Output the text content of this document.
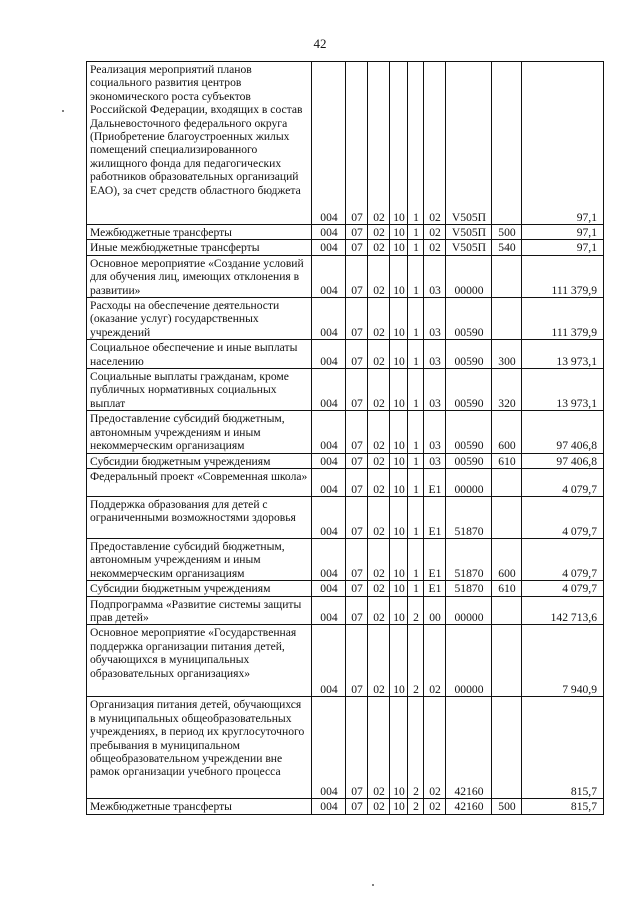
42
Реализация мероприятий планов социального развития центров экономического роста субъектов Российской Федерации, входящих в состав Дальневосточного федерального округа (Приобретение благоустроенных жилых помещений специализированного жилищного фонда для педагогических работников образовательных организаций ЕАО), за счет средств областного бюджета	004	07	02	10	1	02	V505П		97,1
Межбюджетные трансферты	004	07	02	10	1	02	V505П	500	97,1
Иные межбюджетные трансферты	004	07	02	10	1	02	V505П	540	97,1
Основное мероприятие «Создание условий для обучения лиц, имеющих отклонения в развитии»	004	07	02	10	1	03	00000		111 379,9
Расходы на обеспечение деятельности (оказание услуг) государственных учреждений	004	07	02	10	1	03	00590		111 379,9
Социальное обеспечение и иные выплаты населению	004	07	02	10	1	03	00590	300	13 973,1
Социальные выплаты гражданам, кроме публичных нормативных социальных выплат	004	07	02	10	1	03	00590	320	13 973,1
Предоставление субсидий бюджетным, автономным учреждениям и иным некоммерческим организациям	004	07	02	10	1	03	00590	600	97 406,8
Субсидии бюджетным учреждениям	004	07	02	10	1	03	00590	610	97 406,8
Федеральный проект «Современная школа»	004	07	02	10	1	E1	00000		4 079,7
Поддержка образования для детей с ограниченными возможностями здоровья	004	07	02	10	1	E1	51870		4 079,7
Предоставление субсидий бюджетным, автономным учреждениям и иным некоммерческим организациям	004	07	02	10	1	E1	51870	600	4 079,7
Субсидии бюджетным учреждениям	004	07	02	10	1	E1	51870	610	4 079,7
Подпрограмма «Развитие системы защиты прав детей»	004	07	02	10	2	00	00000		142 713,6
Основное мероприятие «Государственная поддержка организации питания детей, обучающихся в муниципальных образовательных организациях»	004	07	02	10	2	02	00000		7 940,9
Организация питания детей, обучающихся в муниципальных общеобразовательных учреждениях, в период их круглосуточного пребывания в муниципальном общеобразовательном учреждении вне рамок организации учебного процесса	004	07	02	10	2	02	42160		815,7
Межбюджетные трансферты	004	07	02	10	2	02	42160	500	815,7
